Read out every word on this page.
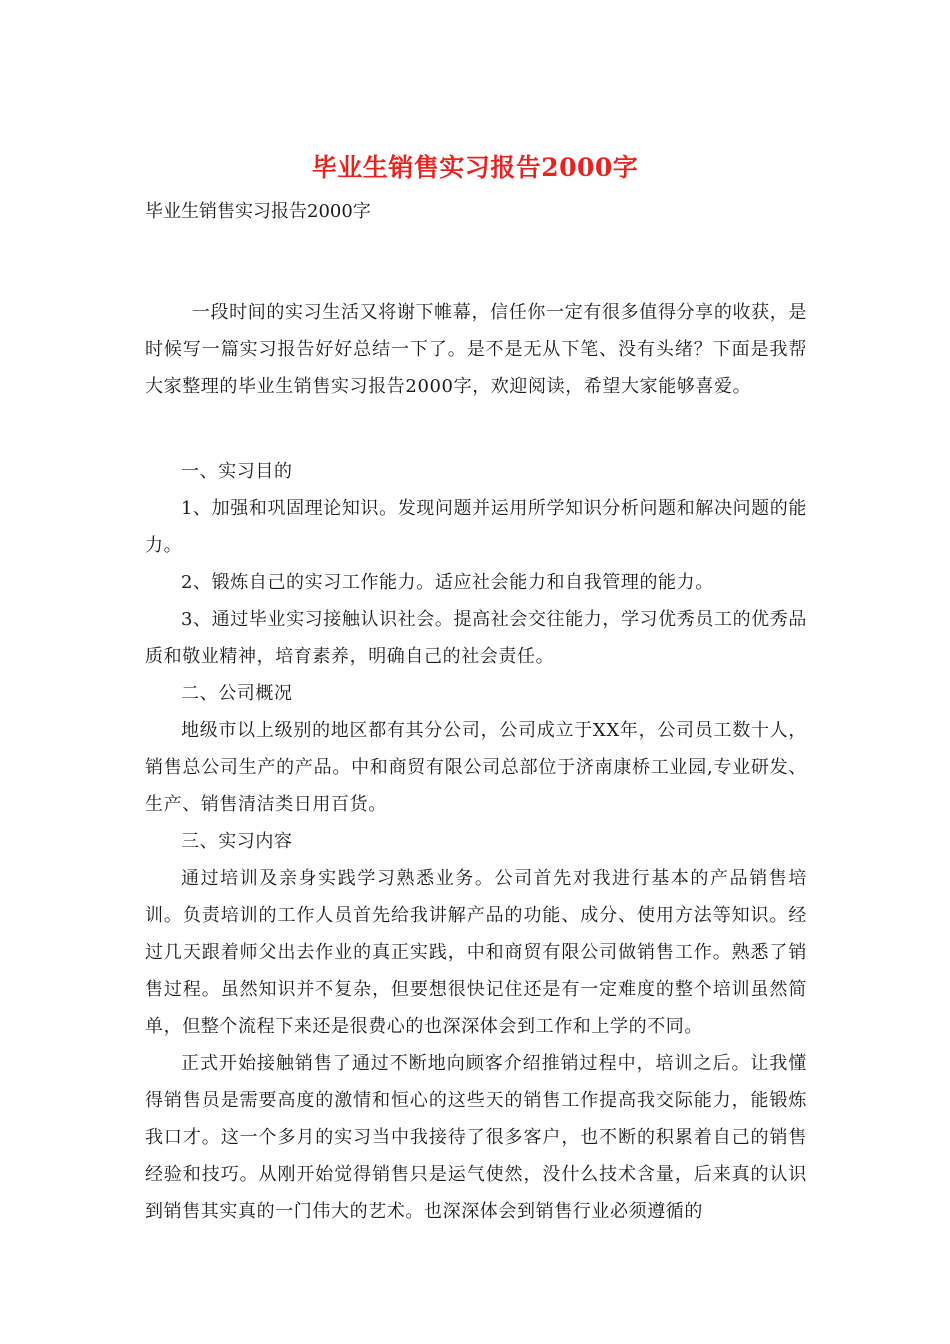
毕业生销售实习报告2000字
毕业生销售实习报告2000字

一段时间的实习生活又将谢下帷幕，信任你一定有很多值得分享的收获，是时候写一篇实习报告好好总结一下了。是不是无从下笔、没有头绪？下面是我帮大家整理的毕业生销售实习报告2000字，欢迎阅读，希望大家能够喜爱。

一、实习目的

1、加强和巩固理论知识。发现问题并运用所学知识分析问题和解决问题的能力。

2、锻炼自己的实习工作能力。适应社会能力和自我管理的能力。

3、通过毕业实习接触认识社会。提高社会交往能力，学习优秀员工的优秀品质和敬业精神，培育素养，明确自己的社会责任。

二、公司概况

地级市以上级别的地区都有其分公司，公司成立于XX年，公司员工数十人，销售总公司生产的产品。中和商贸有限公司总部位于济南康桥工业园,专业研发、生产、销售清洁类日用百货。

三、实习内容

通过培训及亲身实践学习熟悉业务。公司首先对我进行基本的产品销售培训。负责培训的工作人员首先给我讲解产品的功能、成分、使用方法等知识。经过几天跟着师父出去作业的真正实践，中和商贸有限公司做销售工作。熟悉了销售过程。虽然知识并不复杂，但要想很快记住还是有一定难度的整个培训虽然简单，但整个流程下来还是很费心的也深深体会到工作和上学的不同。

正式开始接触销售了通过不断地向顾客介绍推销过程中，培训之后。让我懂得销售员是需要高度的激情和恒心的这些天的销售工作提高我交际能力，能锻炼我口才。这一个多月的实习当中我接待了很多客户，也不断的积累着自己的销售经验和技巧。从刚开始觉得销售只是运气使然，没什么技术含量，后来真的认识到销售其实真的一门伟大的艺术。也深深体会到销售行业必须遵循的
